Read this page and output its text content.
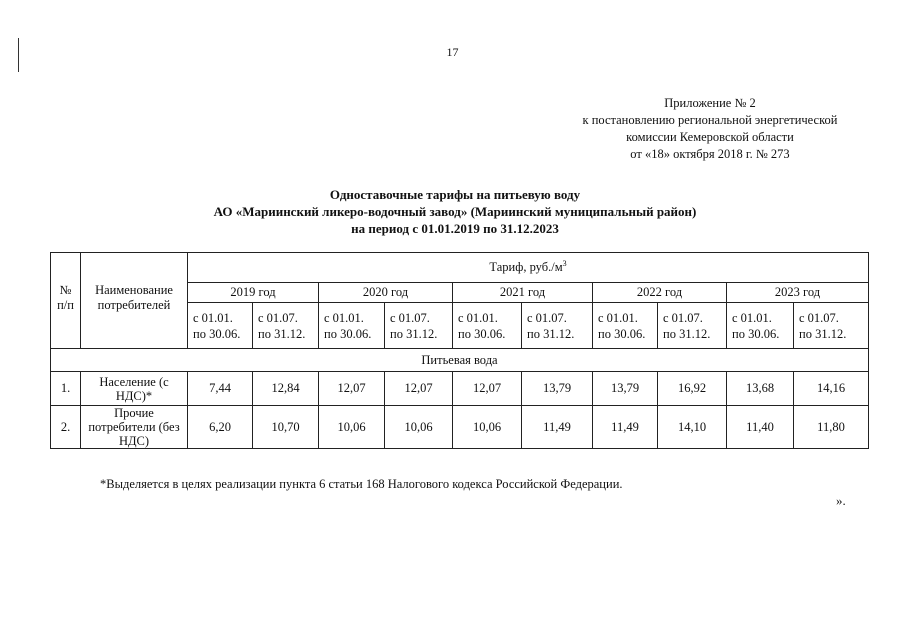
17
Приложение № 2
к постановлению региональной энергетической
комиссии Кемеровской области
от «18» октября 2018 г. № 273
Одноставочные тарифы на питьевую воду
АО «Мариинский ликеро-водочный завод» (Мариинский муниципальный район)
на период с 01.01.2019 по 31.12.2023
№ п/п	Наименование потребителей	Тариф, $руб./м^3$
		2019 год		2020 год		2021 год		2022 год		2023 год	

		с 01.01.
по 30.06.	с 01.07.
по 31.12.	с 01.01.
по 30.06.	с 01.07.
по 31.12.	с 01.01.
по 30.06.	с 01.07.
по 31.12.	с 01.01.
по 30.06.	с 01.07.
по 31.12.	с 01.01.
по 30.06.	с 01.07.
по 31.12.

Питьевая вода											
1.	Население (с НДС)*	7,44	12,84	12,07	12,07	12,07	13,79	13,79	16,92	13,68	14,16
2.	Прочие потребители (без НДС)	6,20	10,70	10,06	10,06	10,06	11,49	11,49	14,10	11,40	11,80
*Выделяется в целях реализации пункта 6 статьи 168 Налогового кодекса Российской Федерации.
».
